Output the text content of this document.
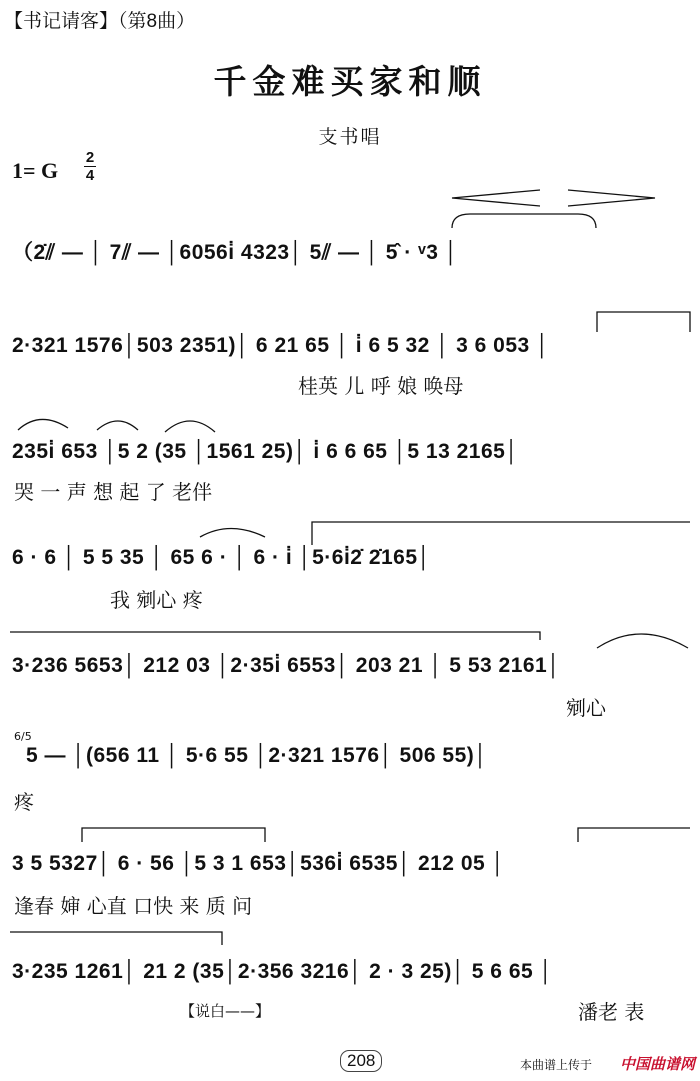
【书记请客】（第8曲）
千金难买家和顺
支书唱
1= G
2
4
（2̇⫽ — │ 7⫽ — │6056i̇ 4323│ 5⫽ — │ 5̂ · ᵛ3 │
2·321 1576│503 2351)│ 6 21 65 │ i̇ 6 5 32 │ 3 6 053 │
桂英 儿 呼 娘 唤母
235i̇ 653 │5 2 (35 │1561 25)│ i̇ 6 6 65 │5 13 2165│
哭 一 声 想 起 了 老伴
6 · 6 │ 5 5 35 │ 65 6 · │ 6 · i̇ │5·6i̇2̇ 2̇165│
我 剜心 疼
3·236 5653│ 212 03 │2·35i̇ 6553│ 203 21 │ 5 53 2161│
剜心
6/5
5 — │(656 11 │ 5·6 55 │2·321 1576│ 506 55)│
疼
3 5 5327│ 6 · 56 │5 3 1 653│536i̇ 6535│ 212 05 │
逢春 婶 心直 口快 来 质 问
3·235 1261│ 21 2 (35│2·356 3216│ 2 · 3 25)│ 5 6 65 │
【说白——】	潘老 表
208	本曲谱上传于 中国曲谱网
